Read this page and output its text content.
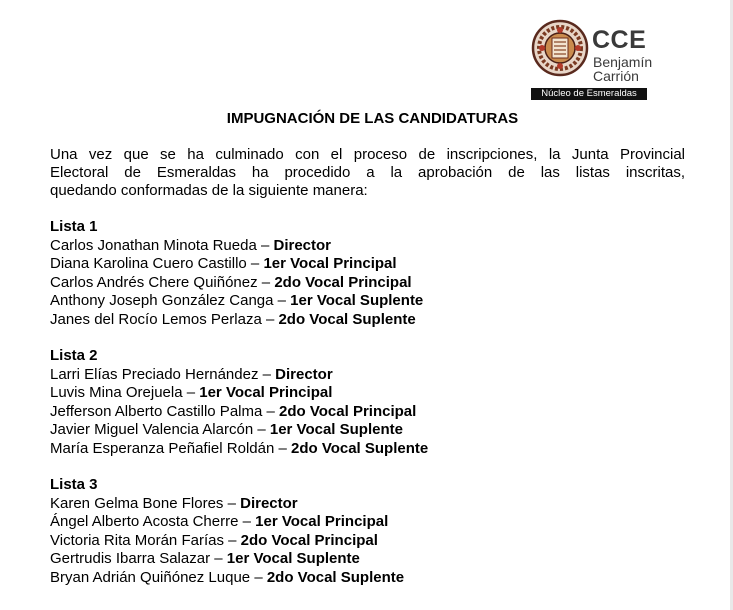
CCE
Benjamín
Carrión
Núcleo de Esmeraldas
IMPUGNACIÓN DE LAS CANDIDATURAS
Una vez que se ha culminado con el proceso de inscripciones, la Junta Provincial
Electoral de Esmeraldas ha procedido a la aprobación de las listas inscritas,
quedando conformadas de la siguiente manera:
Lista 1
Carlos Jonathan Minota Rueda – Director
Diana Karolina Cuero Castillo – 1er Vocal Principal
Carlos Andrés Chere Quiñónez – 2do Vocal Principal
Anthony Joseph González Canga – 1er Vocal Suplente
Janes del Rocío Lemos Perlaza – 2do Vocal Suplente
Lista 2
Larri Elías Preciado Hernández – Director
Luvis Mina Orejuela – 1er Vocal Principal
Jefferson Alberto Castillo Palma – 2do Vocal Principal
Javier Miguel Valencia Alarcón – 1er Vocal Suplente
María Esperanza Peñafiel Roldán – 2do Vocal Suplente
Lista 3
Karen Gelma Bone Flores – Director
Ángel Alberto Acosta Cherre – 1er Vocal Principal
Victoria Rita Morán Farías – 2do Vocal Principal
Gertrudis Ibarra Salazar – 1er Vocal Suplente
Bryan Adrián Quiñónez Luque – 2do Vocal Suplente
